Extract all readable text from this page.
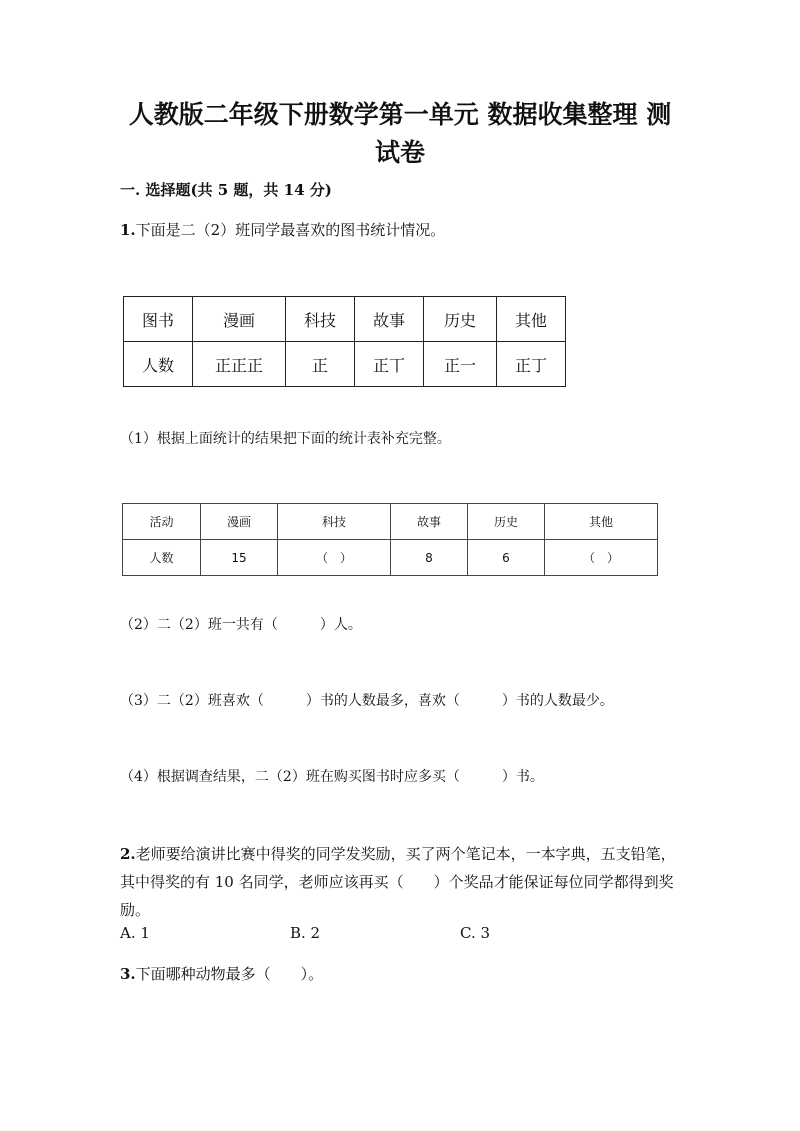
人教版二年级下册数学第一单元 数据收集整理 测
试卷
一. 选择题(共 5 题，共 14 分)
1.下面是二（2）班同学最喜欢的图书统计情况。
图书	漫画	科技	故事	历史	其他
人数	正正正	正	正丅	正一	正丁
（1）根据上面统计的结果把下面的统计表补充完整。
活动	漫画	科技	故事	历史	其他
人数	15	（　）	8	6	（　）
（2）二（2）班一共有（　　　）人。
（3）二（2）班喜欢（　　　）书的人数最多，喜欢（　　　）书的人数最少。
（4）根据调查结果，二（2）班在购买图书时应多买（　　　）书。
2.老师要给演讲比赛中得奖的同学发奖励，买了两个笔记本，一本字典，五支铅笔，其中得奖的有 10 名同学，老师应该再买（　　）个奖品才能保证每位同学都得到奖励。
A. 1	B. 2	C. 3
3.下面哪种动物最多（　　）。
